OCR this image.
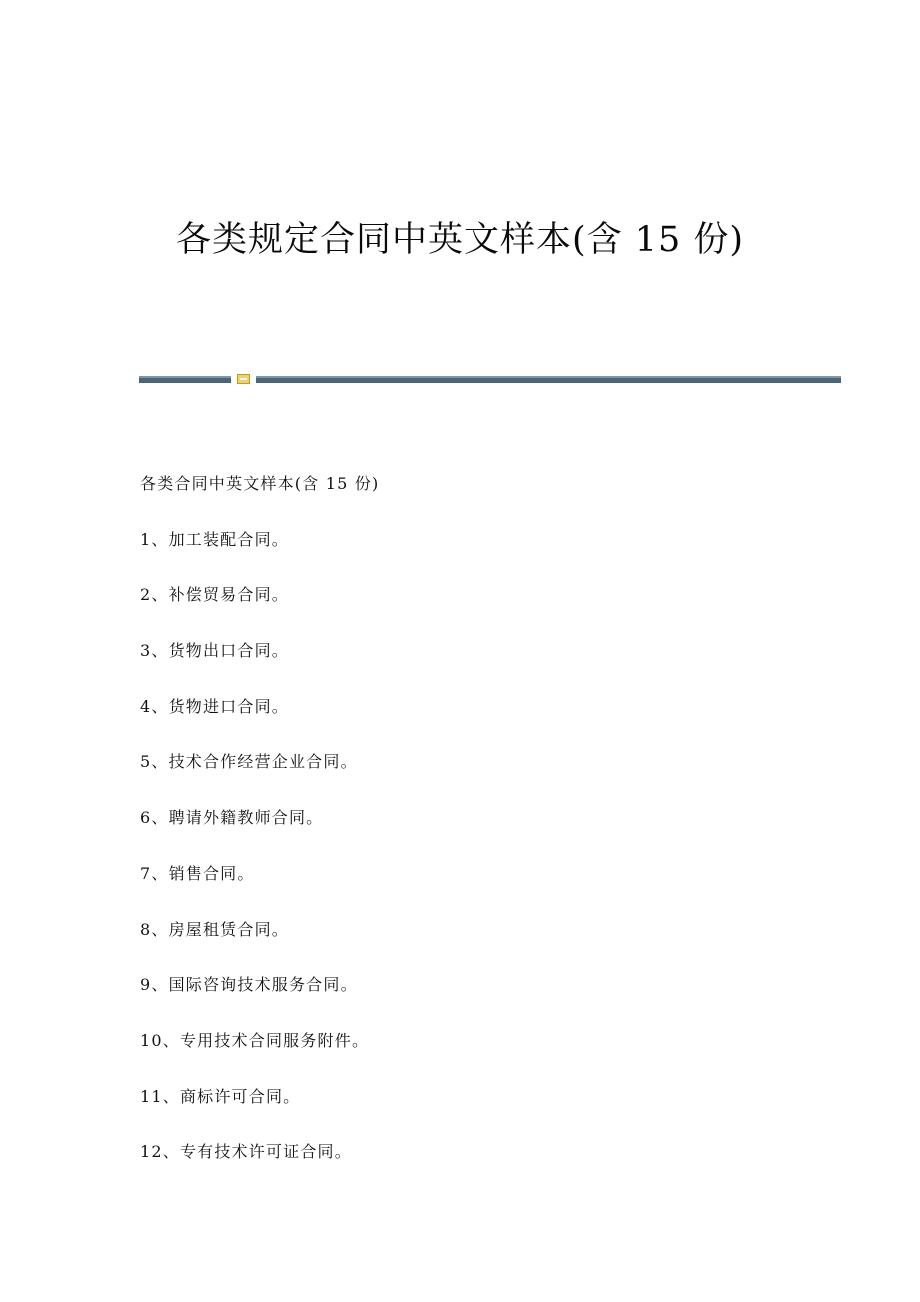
各类规定合同中英文样本(含 15 份)

各类合同中英文样本(含 15 份)

1、加工装配合同。

2、补偿贸易合同。

3、货物出口合同。

4、货物进口合同。

5、技术合作经营企业合同。

6、聘请外籍教师合同。

7、销售合同。

8、房屋租赁合同。

9、国际咨询技术服务合同。

10、专用技术合同服务附件。

11、商标许可合同。

12、专有技术许可证合同。
